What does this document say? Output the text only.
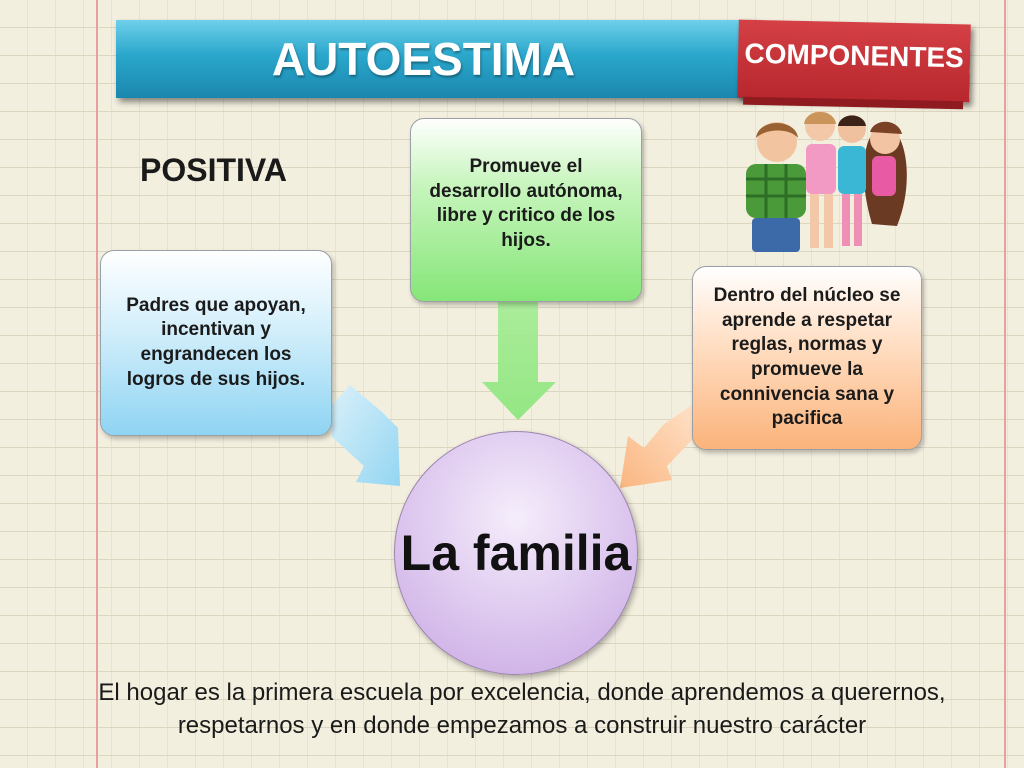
AUTOESTIMA	COMPONENTES
POSITIVA
Padres que apoyan, incentivan y engrandecen los logros de sus hijos.
Promueve el desarrollo autónoma, libre y critico de los hijos.
Dentro del núcleo se aprende a respetar reglas, normas y promueve la connivencia sana y pacifica
La familia
El hogar es la primera escuela por excelencia, donde aprendemos a querernos,
respetarnos y en donde empezamos a construir nuestro carácter
